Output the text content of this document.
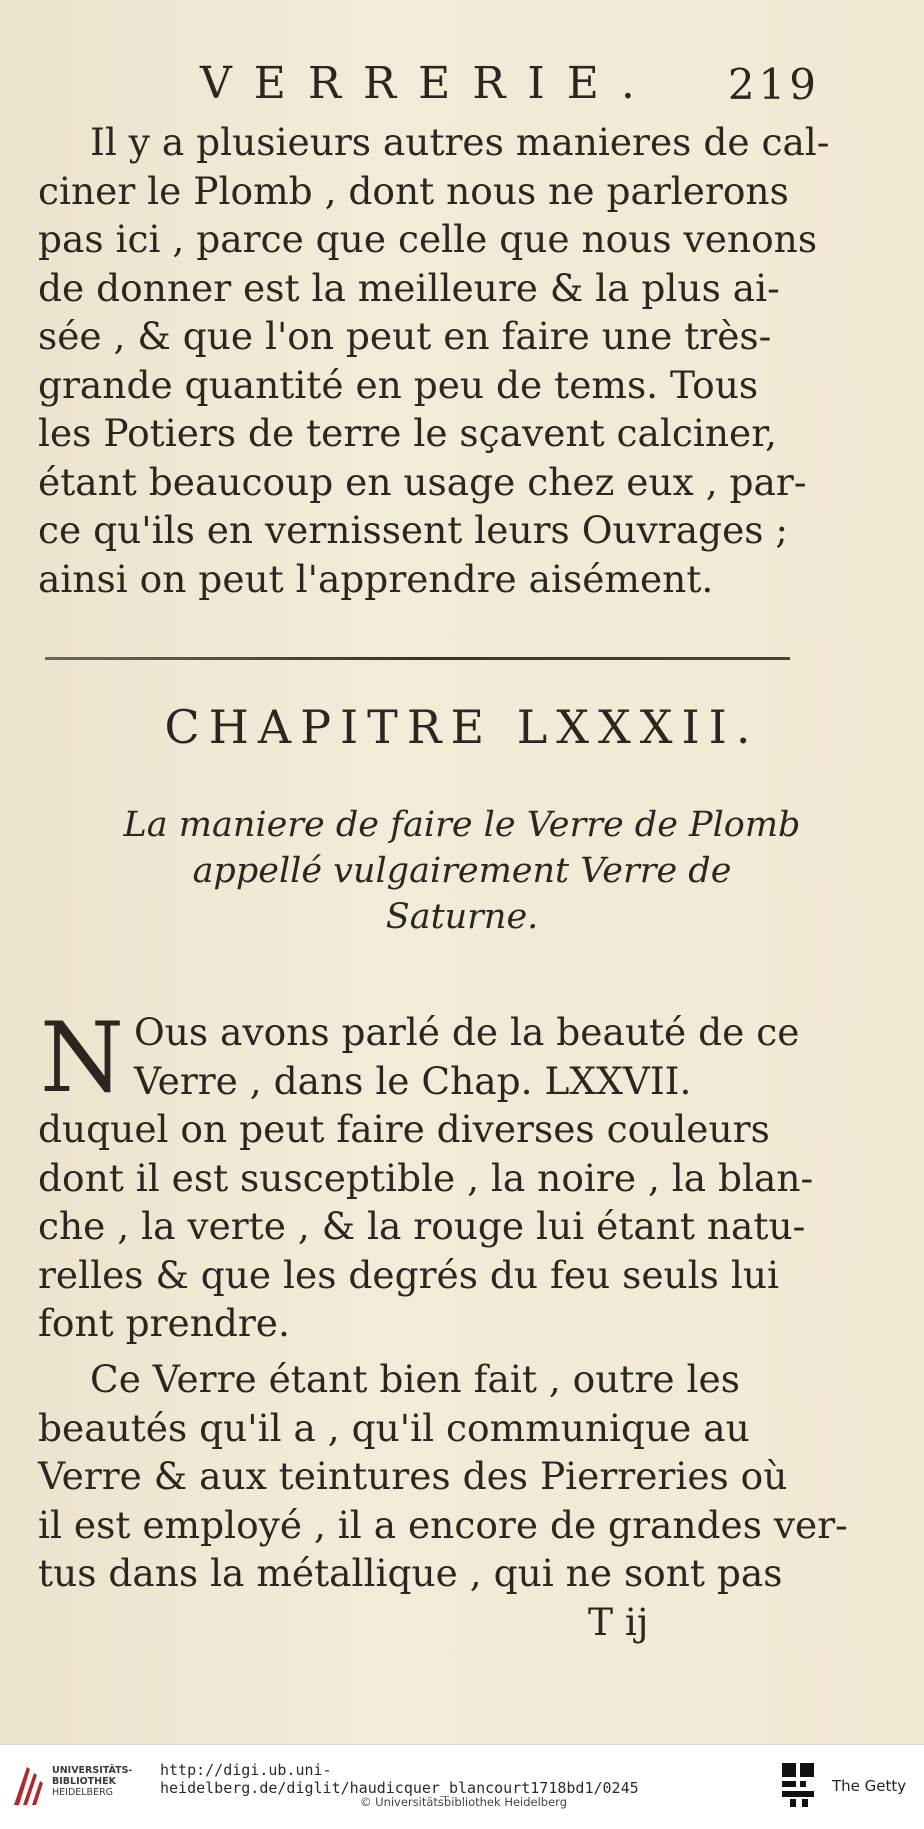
VERRERIE. 219
Il y a plusieurs autres manieres de cal-
ciner le Plomb , dont nous ne parlerons
pas ici , parce que celle que nous venons
de donner est la meilleure & la plus ai-
sée , & que l'on peut en faire une très-
grande quantité en peu de tems. Tous
les Potiers de terre le sçavent calciner,
étant beaucoup en usage chez eux , par-
ce qu'ils en vernissent leurs Ouvrages ;
ainsi on peut l'apprendre aisément.
CHAPITRE LXXXII.
La maniere de faire le Verre de Plomb
appellé vulgairement Verre de
Saturne.
N Ous avons parlé de la beauté de ce
Verre , dans le Chap. LXXVII.
duquel on peut faire diverses couleurs
dont il est susceptible , la noire , la blan-
che , la verte , & la rouge lui étant natu-
relles & que les degrés du feu seuls lui
font prendre.
Ce Verre étant bien fait , outre les
beautés qu'il a , qu'il communique au
Verre & aux teintures des Pierreries où
il est employé , il a encore de grandes ver-
tus dans la métallique , qui ne sont pas
T ij
UNIVERSITÄTS-
BIBLIOTHEK
HEIDELBERG
http://digi.ub.uni-heidelberg.de/diglit/haudicquer_blancourt1718bd1/0245
© Universitätsbibliothek Heidelberg
The Getty
